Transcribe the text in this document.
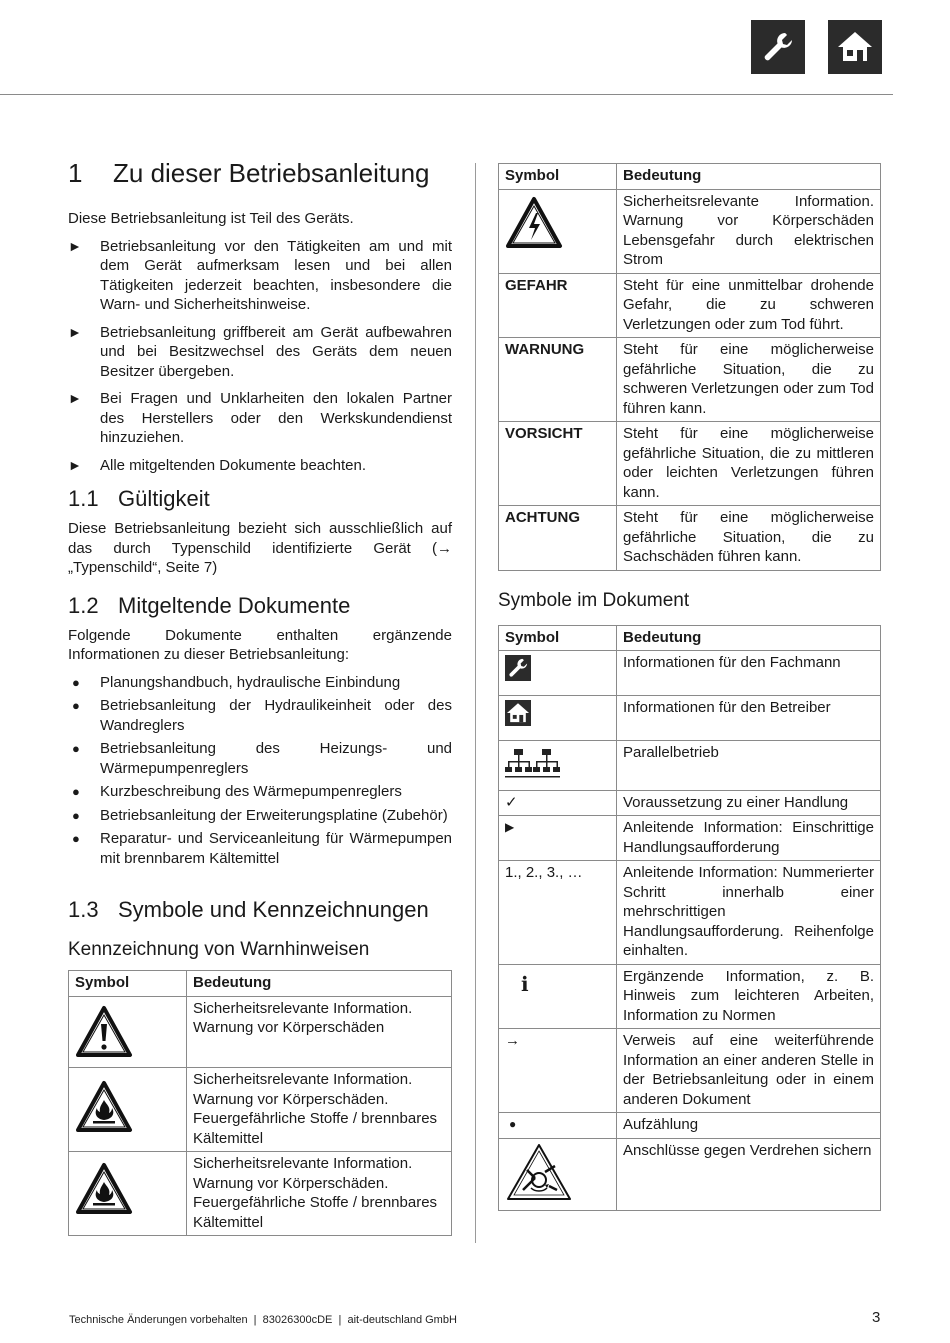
1	Zu dieser Betriebsanleitung

Diese Betriebsanleitung ist Teil des Geräts.

► Betriebsanleitung vor den Tätigkeiten am und mit dem Gerät aufmerksam lesen und bei allen Tätigkeiten jederzeit beachten, insbesondere die Warn- und Sicherheitshinweise.
► Betriebsanleitung griffbereit am Gerät aufbewahren und bei Besitzwechsel des Geräts dem neuen Besitzer übergeben.
► Bei Fragen und Unklarheiten den lokalen Partner des Herstellers oder den Werkskundendienst hinzuziehen.
► Alle mitgeltenden Dokumente beachten.
1.1 Gültigkeit

Diese Betriebsanleitung bezieht sich ausschließlich auf das durch Typenschild identifizierte Gerät (→ „Typenschild“, Seite 7)

1.2 Mitgeltende Dokumente

Folgende Dokumente enthalten ergänzende Informationen zu dieser Betriebsanleitung:

● Planungshandbuch, hydraulische Einbindung
● Betriebsanleitung der Hydraulikeinheit oder des Wandreglers
● Betriebsanleitung des Heizungs- und Wärmepumpenreglers
● Kurzbeschreibung des Wärmepumpenreglers
● Betriebsanleitung der Erweiterungsplatine (Zubehör)
● Reparatur- und Serviceanleitung für Wärmepumpen mit brennbarem Kältemittel
1.3 Symbole und Kennzeichnungen
Kennzeichnung von Warnhinweisen
Symbol	Bedeutung
	Sicherheitsrelevante Information. Warnung vor Körperschäden
	Sicherheitsrelevante Information. Warnung vor Körperschäden. Feuergefährliche Stoffe / brennbares Kältemittel
	Sicherheitsrelevante Information. Warnung vor Körperschäden. Feuergefährliche Stoffe / brennbares Kältemittel
Symbol	Bedeutung
	Sicherheitsrelevante Information. Warnung vor Körperschäden Lebensgefahr durch elektrischen Strom
GEFAHR	Steht für eine unmittelbar drohende Gefahr, die zu schweren Verletzungen oder zum Tod führt.
WARNUNG	Steht für eine möglicherweise gefährliche Situation, die zu schweren Verletzungen oder zum Tod führen kann.
VORSICHT	Steht für eine möglicherweise gefährliche Situation, die zu mittleren oder leichten Verletzungen führen kann.
ACHTUNG	Steht für eine möglicherweise gefährliche Situation, die zu Sachschäden führen kann.
Symbole im Dokument
Symbol	Bedeutung
	Informationen für den Fachmann
	Informationen für den Betreiber
	Parallelbetrieb
✓	Voraussetzung zu einer Handlung
▶	Anleitende Information: Einschrittige Handlungsaufforderung
1., 2., 3., …	Anleitende Information: Nummerierter Schritt innerhalb einer mehrschrittigen Handlungsaufforderung. Reihenfolge einhalten.
ℹ	Ergänzende Information, z. B. Hinweis zum leichteren Arbeiten, Information zu Normen
→	Verweis auf eine weiterführende Information an einer anderen Stelle in der Betriebsanleitung oder in einem anderen Dokument
●	Aufzählung
	Anschlüsse gegen Verdrehen sichern
Technische Änderungen vorbehalten  |  83026300cDE  |  ait-deutschland GmbH	3
